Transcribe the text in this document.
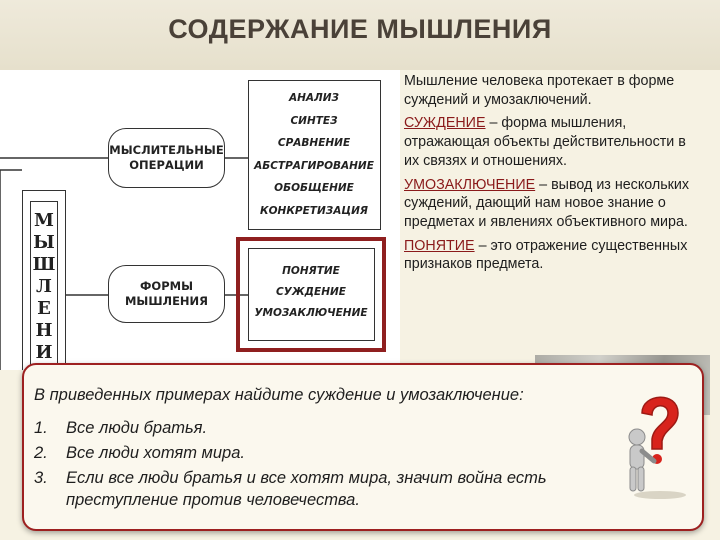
СОДЕРЖАНИЕ МЫШЛЕНИЯ
М
Ы
Ш
Л
Е
Н
И
МЫСЛИТЕЛЬНЫЕ
ОПЕРАЦИИ
ФОРМЫ
МЫШЛЕНИЯ
АНАЛИЗ
СИНТЕЗ
СРАВНЕНИЕ
АБСТРАГИРОВАНИЕ
ОБОБЩЕНИЕ
КОНКРЕТИЗАЦИЯ
ПОНЯТИЕ
СУЖДЕНИЕ
УМОЗАКЛЮЧЕНИЕ

Мышление человека протекает в форме суждений и умозаключений.

СУЖДЕНИЕ – форма мышления, отражающая объекты действительности в их связях и отношениях.

УМОЗАКЛЮЧЕНИЕ – вывод из нескольких суждений, дающий нам новое знание о предметах и явлениях объективного мира.

ПОНЯТИЕ – это отражение существенных признаков предмета.

В приведенных примерах найдите суждение и умозаключение:
1.	Все люди братья.
2.	Все люди хотят мира.
3.	Если все люди братья и все хотят мира, значит война есть преступление против человечества.
